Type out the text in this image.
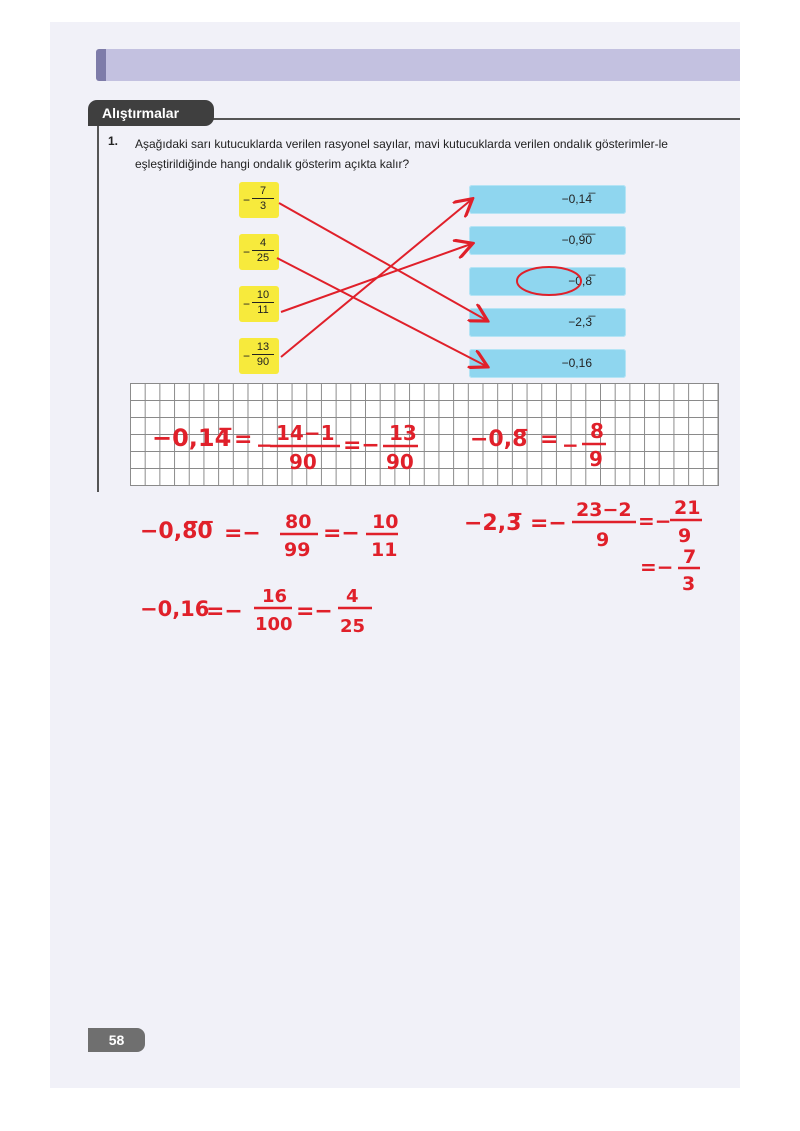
Alıştırmalar
1. Aşağıdaki sarı kutucuklarda verilen rasyonel sayılar, mavi kutucuklarda verilen ondalık gösterimler-le eşleştirildiğinde hangi ondalık gösterim açıkta kalır?
− $\frac{7}{3}$
− $\frac{4}{25}$
− $\frac{10}{11}$
− $\frac{13}{90}$
−0,14̅
−0,9̅0̅
−0,8̅
−2,3̅
−0,16
−0,14̅ = − 14−1
90
=− 13
90
−0,8̅ = −
8
9
−0,8̅0̅ =− 80
99
=− 10
11
−2,3̅ =−
23−2
9
=−
21
9
=− 7
3
−0,16
=−
16
100
=−
4
25
58
